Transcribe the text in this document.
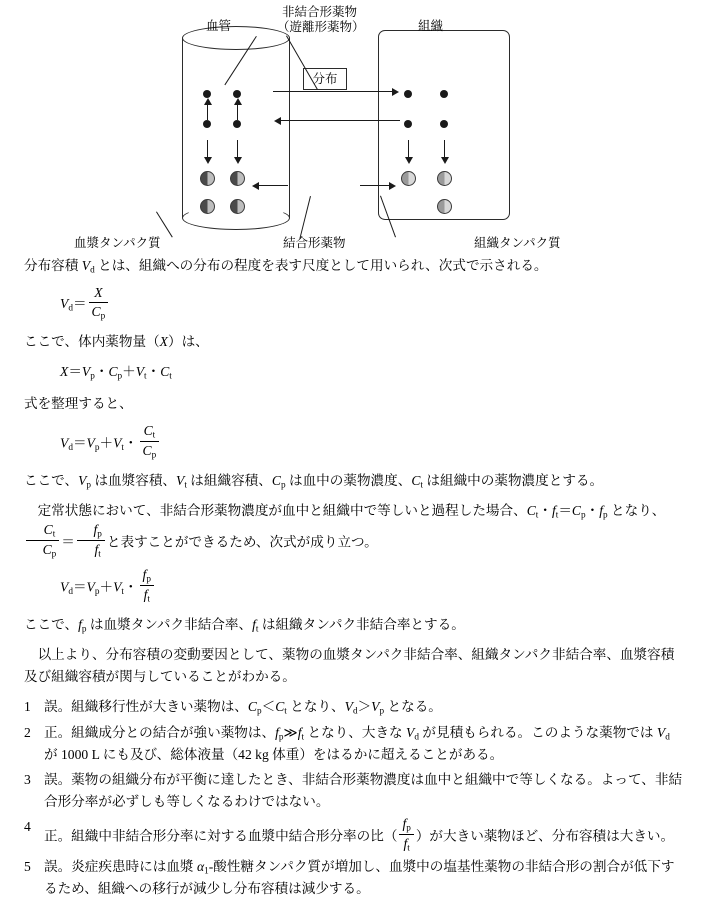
分布
血管
非結合形薬物
（遊離形薬物）	組織
血漿タンパク質	結合形薬物	組織タンパク質

分布容積 $V_d$ とは、組織への分布の程度を表す尺度として用いられ、次式で示される。

$V_d= \frac{X}{C_p}$

ここで、体内薬物量（X）は、

$X=V_p$・$C_p+V_t$・$C_t$

式を整理すると、

$V_d=V_p+V_t$・ $\frac{C_t}{C_p}$

ここで、$V_p$ は血漿容積、$V_t$ は組織容積、$C_p$ は血中の薬物濃度、$C_t$ は組織中の薬物濃度とする。

定常状態において、非結合形薬物濃度が血中と組織中で等しいと過程した場合、$C_t$・$f_t=C_p$・$f_p$ となり、
$\frac{C_t}{C_p} = \frac{f_p}{f_t}$ と表すことができるため、次式が成り立つ。

$V_d=V_p+V_t$・ $\frac{f_p}{f_t}$

ここで、$f_p$ は血漿タンパク非結合率、$f_t$ は組織タンパク非結合率とする。

以上より、分布容積の変動要因として、薬物の血漿タンパク非結合率、組織タンパク非結合率、血漿容積及び組織容積が関与していることがわかる。

1 誤。組織移行性が大きい薬物は、$C_p<C_t$ となり、$V_d>V_p$ となる。
2 正。組織成分との結合が強い薬物は、$f_p≫f_t$ となり、大きな $V_d$ が見積もられる。このような薬物では $V_d$ が 1000 L にも及び、総体液量（42 kg 体重）をはるかに超えることがある。
3 誤。薬物の組織分布が平衡に達したとき、非結合形薬物濃度は血中と組織中で等しくなる。よって、非結合形分率が必ずしも等しくなるわけではない。
4
正。組織中非結合形分率に対する血漿中結合形分率の比（ $\frac{f_p}{f_t}$ ）が大きい薬物ほど、分布容積は大きい。
5 誤。炎症疾患時には血漿 $\alpha_1-$酸性糖タンパク質が増加し、血漿中の塩基性薬物の非結合形の割合が低下するため、組織への移行が減少し分布容積は減少する。
